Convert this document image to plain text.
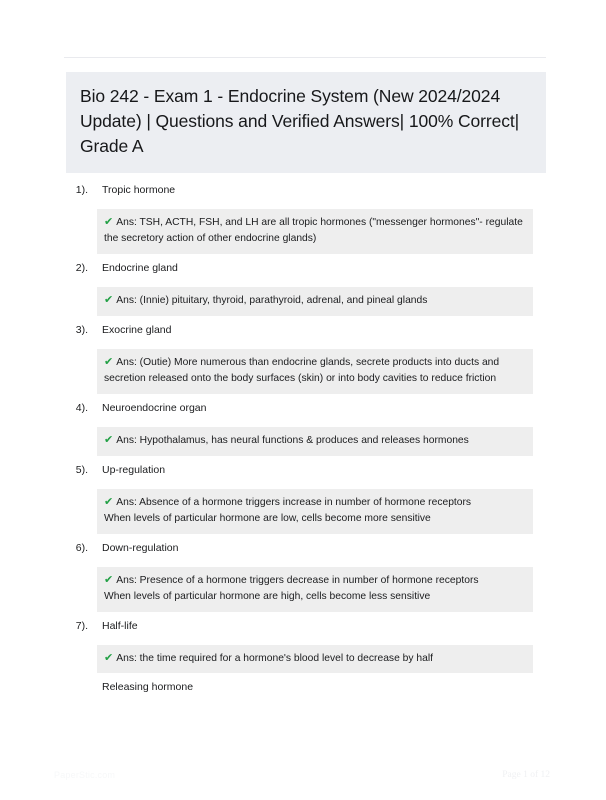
Bio 242 - Exam 1 - Endocrine System (New 2024/2024 Update) | Questions and Verified Answers| 100% Correct| Grade A
1). Tropic hormone

✔ Ans: TSH, ACTH, FSH, and LH are all tropic hormones ("messenger hormones"- regulate the secretory action of other endocrine glands)

2). Endocrine gland

✔ Ans: (Innie) pituitary, thyroid, parathyroid, adrenal, and pineal glands

3). Exocrine gland

✔ Ans: (Outie) More numerous than endocrine glands, secrete products into ducts and secretion released onto the body surfaces (skin) or into body cavities to reduce friction

4). Neuroendocrine organ

✔ Ans: Hypothalamus, has neural functions & produces and releases hormones

5). Up-regulation

✔ Ans: Absence of a hormone triggers increase in number of hormone receptors

When levels of particular hormone are low, cells become more sensitive

6). Down-regulation

✔ Ans: Presence of a hormone triggers decrease in number of hormone receptors

When levels of particular hormone are high, cells become less sensitive

7). Half-life

✔ Ans: the time required for a hormone's blood level to decrease by half

Releasing hormone
PaperStic.com	Page 1 of 12
